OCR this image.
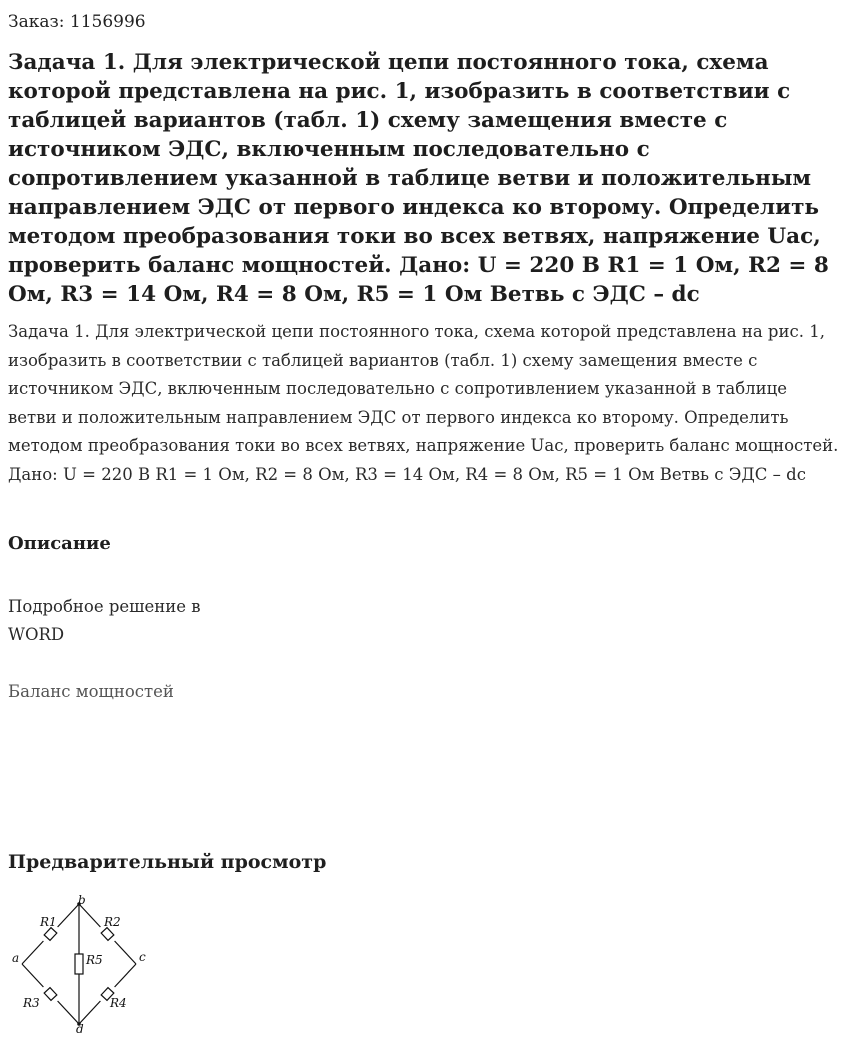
Заказ: 1156996
Задача 1. Для электрической цепи постоянного тока, схема которой представлена на рис. 1, изобразить в соответствии с таблицей вариантов (табл. 1) схему замещения вместе с источником ЭДС, включенным последовательно с сопротивлением указанной в таблице ветви и положительным направлением ЭДС от первого индекса ко второму. Определить методом преобразования токи во всех ветвях, напряжение Uас, проверить баланс мощностей. Дано: U = 220 В R1 = 1 Ом, R2 = 8 Ом, R3 = 14 Ом, R4 = 8 Ом, R5 = 1 Ом Ветвь с ЭДС – dc

Задача 1. Для электрической цепи постоянного тока, схема которой представлена на рис. 1, изобразить в соответствии с таблицей вариантов (табл. 1) схему замещения вместе с источником ЭДС, включенным последовательно с сопротивлением указанной в таблице ветви и положительным направлением ЭДС от первого индекса ко второму. Определить методом преобразования токи во всех ветвях, напряжение Uас, проверить баланс мощностей. Дано: U = 220 В R1 = 1 Ом, R2 = 8 Ом, R3 = 14 Ом, R4 = 8 Ом, R5 = 1 Ом Ветвь с ЭДС – dc

Описание

Подробное решение в

WORD

Баланс мощностей

Предварительный просмотр
a
b
c
d
R1	R2
R3	R4
R5
